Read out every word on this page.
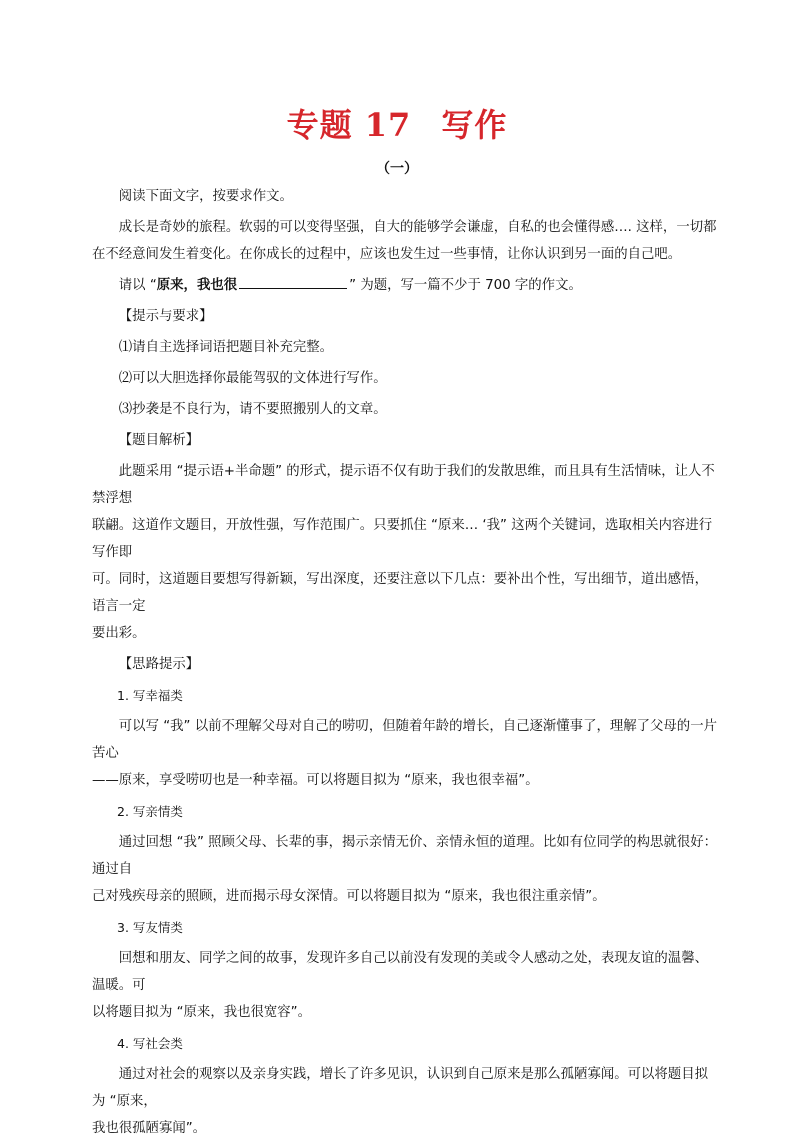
专题 17 写作
（一）

阅读下面文字，按要求作文。

成长是奇妙的旅程。软弱的可以变得坚强，自大的能够学会谦虚，自私的也会懂得感…. 这样，一切都
在不经意间发生着变化。在你成长的过程中，应该也发生过一些事情，让你认识到另一面的自己吧。

请以 “原来，我也很	” 为题，写一篇不少于 700 字的作文。

【提示与要求】

⑴请自主选择词语把题目补充完整。

⑵可以大胆选择你最能驾驭的文体进行写作。

⑶抄袭是不良行为，请不要照搬别人的文章。

【题目解析】

此题采用 “提示语+半命题” 的形式，提示语不仅有助于我们的发散思维，而且具有生活情味，让人不禁浮想
联翩。这道作文题目，开放性强，写作范围广。只要抓住 “原来… ‘我” 这两个关键词，选取相关内容进行写作即
可。同时，这道题目要想写得新颖，写出深度，还要注意以下几点：要补出个性，写出细节，道出感悟，语言一定
要出彩。

【思路提示】

1. 写幸福类

可以写 “我” 以前不理解父母对自己的唠叨，但随着年龄的增长，自己逐渐懂事了，理解了父母的一片苦心
——原来，享受唠叨也是一种幸福。可以将题目拟为 “原来，我也很幸福”。

2. 写亲情类

通过回想 “我” 照顾父母、长辈的事，揭示亲情无价、亲情永恒的道理。比如有位同学的构思就很好：通过自
己对残疾母亲的照顾，进而揭示母女深情。可以将题目拟为 “原来，我也很注重亲情”。

3. 写友情类

回想和朋友、同学之间的故事，发现许多自己以前没有发现的美或令人感动之处，表现友谊的温馨、温暖。可
以将题目拟为 “原来，我也很宽容”。

4. 写社会类

通过对社会的观察以及亲身实践，增长了许多见识，认识到自己原来是那么孤陋寡闻。可以将题目拟为 “原来，
我也很孤陋寡闻”。
